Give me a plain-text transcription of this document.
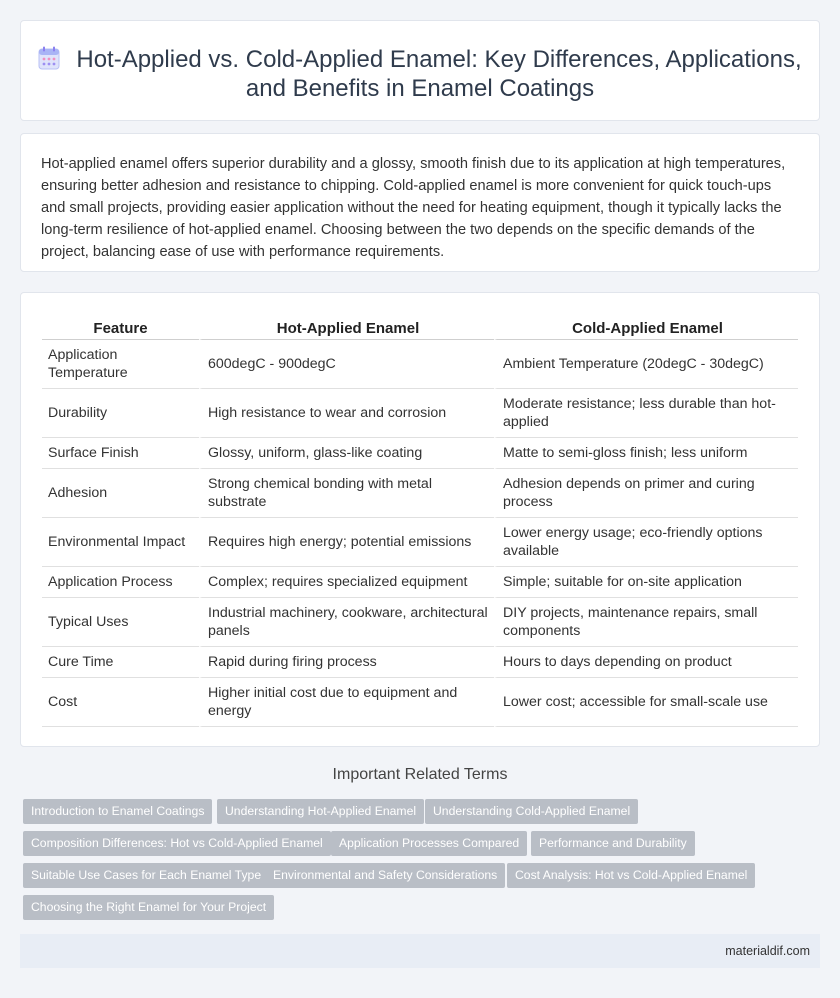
Hot-Applied vs. Cold-Applied Enamel: Key Differences, Applications, and Benefits in Enamel Coatings

Hot-applied enamel offers superior durability and a glossy, smooth finish due to its application at high temperatures, ensuring better adhesion and resistance to chipping. Cold-applied enamel is more convenient for quick touch-ups and small projects, providing easier application without the need for heating equipment, though it typically lacks the long-term resilience of hot-applied enamel. Choosing between the two depends on the specific demands of the project, balancing ease of use with performance requirements.

Feature	Hot-Applied Enamel	Cold-Applied Enamel
Application Temperature	600degC - 900degC	Ambient Temperature (20degC - 30degC)
Durability	High resistance to wear and corrosion	Moderate resistance; less durable than hot-applied
Surface Finish	Glossy, uniform, glass-like coating	Matte to semi-gloss finish; less uniform
Adhesion	Strong chemical bonding with metal substrate	Adhesion depends on primer and curing process
Environmental Impact	Requires high energy; potential emissions	Lower energy usage; eco-friendly options available
Application Process	Complex; requires specialized equipment	Simple; suitable for on-site application
Typical Uses	Industrial machinery, cookware, architectural panels	DIY projects, maintenance repairs, small components
Cure Time	Rapid during firing process	Hours to days depending on product
Cost	Higher initial cost due to equipment and energy	Lower cost; accessible for small-scale use
Important Related Terms
Introduction to Enamel Coatings	Understanding Hot-Applied Enamel	Understanding Cold-Applied Enamel
Composition Differences: Hot vs Cold-Applied Enamel	Application Processes Compared	Performance and Durability
Suitable Use Cases for Each Enamel Type Environmental and Safety Considerations	Cost Analysis: Hot vs Cold-Applied Enamel
Choosing the Right Enamel for Your Project
materialdif.com
